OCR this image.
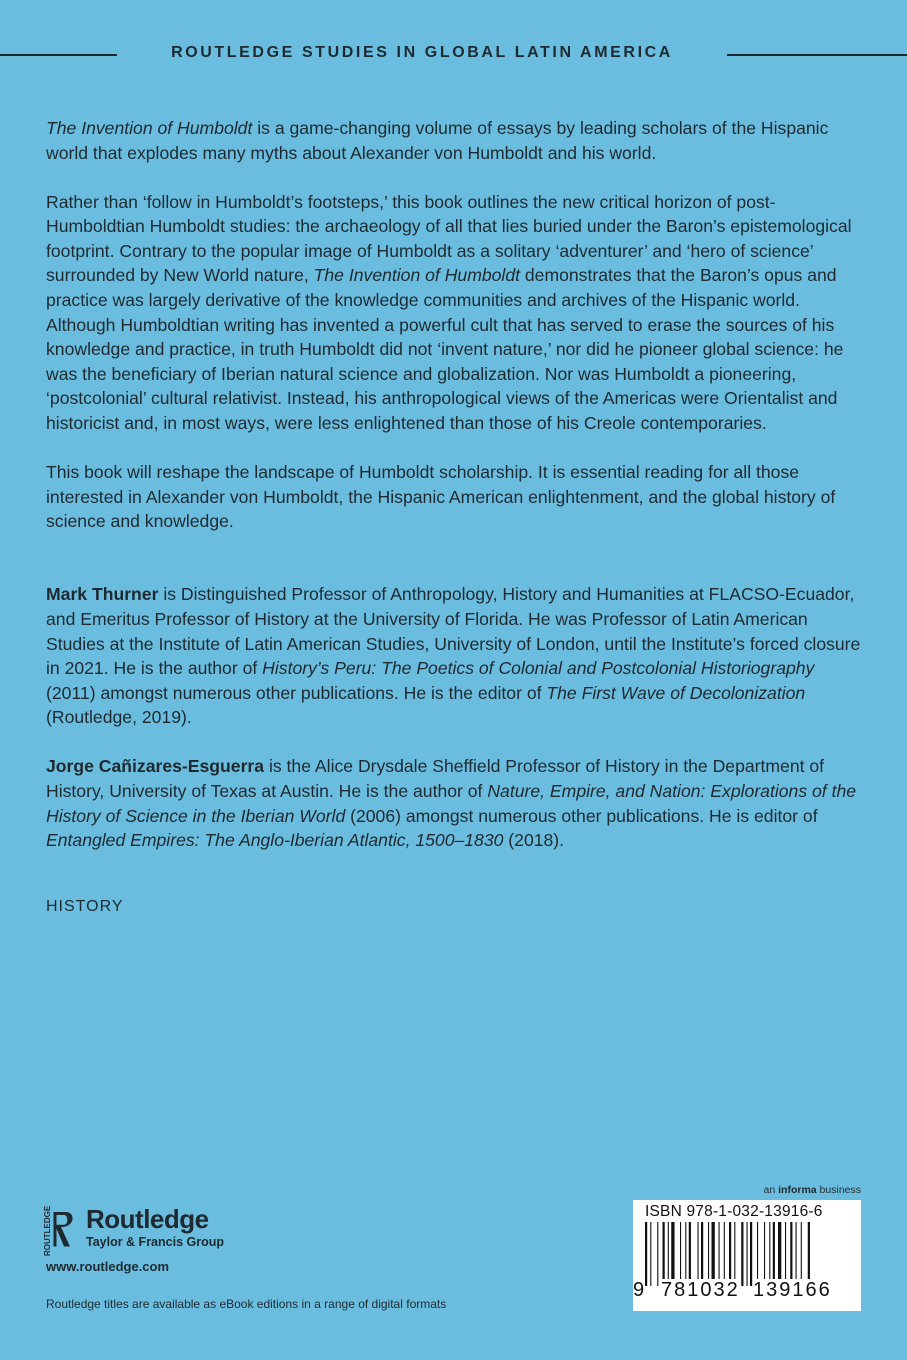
ROUTLEDGE STUDIES IN GLOBAL LATIN AMERICA

The Invention of Humboldt is a game-changing volume of essays by leading scholars of the Hispanic world that explodes many myths about Alexander von Humboldt and his world.

Rather than ‘follow in Humboldt’s footsteps,’ this book outlines the new critical horizon of post-Humboldtian Humboldt studies: the archaeology of all that lies buried under the Baron’s epistemological footprint. Contrary to the popular image of Humboldt as a solitary ‘adventurer’ and ‘hero of science’ surrounded by New World nature, The Invention of Humboldt demonstrates that the Baron’s opus and practice was largely derivative of the knowledge communities and archives of the Hispanic world. Although Humboldtian writing has invented a powerful cult that has served to erase the sources of his knowledge and practice, in truth Humboldt did not ‘invent nature,’ nor did he pioneer global science: he was the beneficiary of Iberian natural science and globalization. Nor was Humboldt a pioneering, ‘postcolonial’ cultural relativist. Instead, his anthropological views of the Americas were Orientalist and historicist and, in most ways, were less enlightened than those of his Creole contemporaries.

This book will reshape the landscape of Humboldt scholarship. It is essential reading for all those interested in Alexander von Humboldt, the Hispanic American enlightenment, and the global history of science and knowledge.

Mark Thurner is Distinguished Professor of Anthropology, History and Humanities at FLACSO-Ecuador, and Emeritus Professor of History at the University of Florida. He was Professor of Latin American Studies at the Institute of Latin American Studies, University of London, until the Institute’s forced closure in 2021. He is the author of History’s Peru: The Poetics of Colonial and Postcolonial Historiography (2011) amongst numerous other publications. He is the editor of The First Wave of Decolonization (Routledge, 2019).

Jorge Cañizares-Esguerra is the Alice Drysdale Sheffield Professor of History in the Department of History, University of Texas at Austin. He is the author of Nature, Empire, and Nation: Explorations of the History of Science in the Iberian World (2006) amongst numerous other publications. He is editor of Entangled Empires: The Anglo-Iberian Atlantic, 1500–1830 (2018).

HISTORY
ROUTLEDGE Routledge
Taylor & Francis Group
www.routledge.com
Routledge titles are available as eBook editions in a range of digital formats
an informa business
ISBN 978-1-032-13916-6
9 781032 139166
